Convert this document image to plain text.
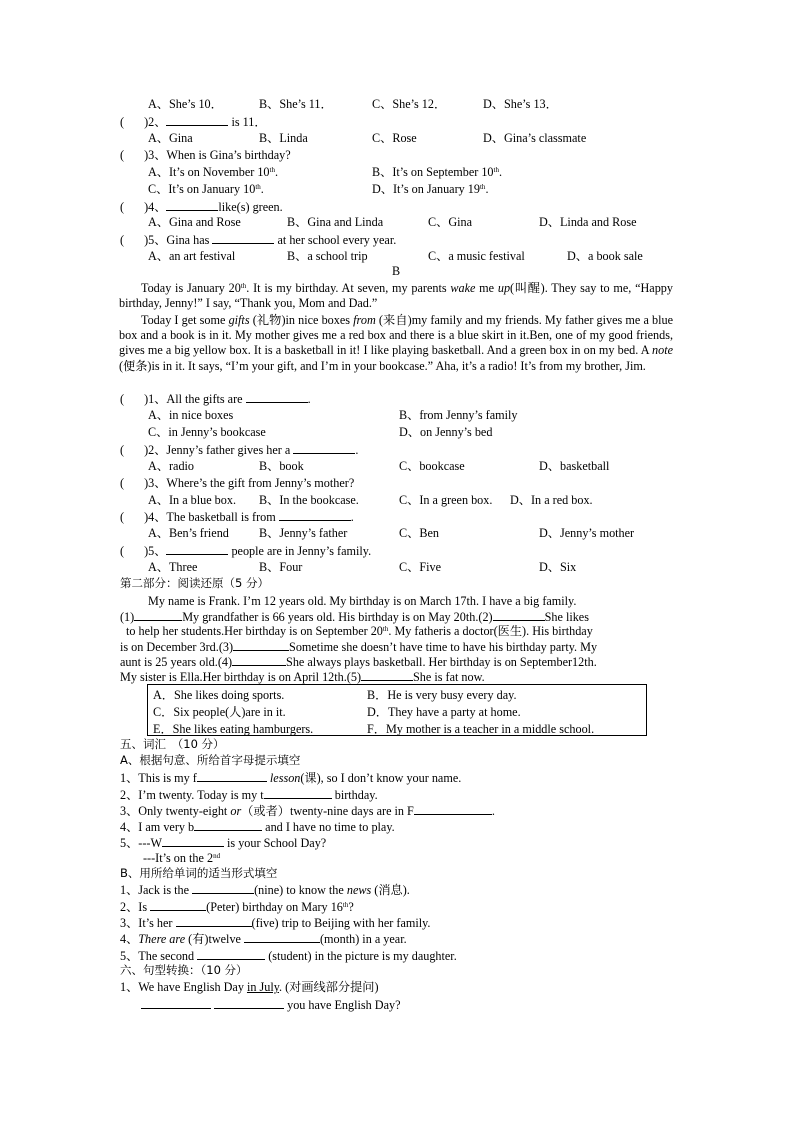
A、She’s 10．	B、She’s 11．	C、She’s 12．	D、She’s 13．
( )2、	is 11．
A、Gina	B、Linda	C、Rose	D、Gina’s classmate
( )3、When is Gina’s birthday?
A、It’s on November 10th.	B、It’s on September 10th.
C、It’s on January 10th.	D、It’s on January 19th.
( )4、	like(s) green.
A、Gina and Rose	B、Gina and Linda	C、Gina	D、Linda and Rose
( )5、Gina has	at her school every year.
A、an art festival	B、a school trip	C、a music festival	D、a book sale
B
Today is January 20th. It is my birthday. At seven, my parents wake me up(叫醒). They say to me, “Happy birthday, Jenny!” I say, “Thank you, Mom and Dad.”
Today I get some gifts (礼物)in nice boxes from (来自)my family and my friends. My father gives me a blue box and a book is in it. My mother gives me a red box and there is a blue skirt in it.Ben, one of my good friends, gives me a big yellow box. It is a basketball in it! I like playing basketball. And a green box in on my bed. A note (便条)is in it. It says, “I’m your gift, and I’m in your bookcase.” Aha, it’s a radio! It’s from my brother, Jim.
( )1、All the gifts are	.
A、in nice boxes	B、from Jenny’s family
C、in Jenny’s bookcase	D、on Jenny’s bed
( )2、Jenny’s father gives her a	.
A、radio	B、book	C、bookcase	D、basketball
( )3、Where’s the gift from Jenny’s mother?
A、In a blue box. B、In the bookcase.	C、In a green box. D、In a red box.
( )4、The basketball is from	.
A、Ben’s friend B、Jenny’s father	C、Ben	D、Jenny’s mother
( )5、	people are in Jenny’s family.
A、Three	B、Four	C、Five	D、Six
第二部分：阅读还原（5 分）
My name is Frank. I’m 12 years old. My birthday is on March 17th. I have a big family.
(1)	My grandfather is 66 years old. His birthday is on May 20th.(2)	She likes
to help her students.Her birthday is on September 20th. My fatheris a doctor(医生). His birthday
is on December 3rd.(3)	Sometime she doesn’t have time to have his birthday party. My
aunt is 25 years old.(4)	She always plays basketball. Her birthday is on September12th.
My sister is Ella.Her birthday is on April 12th.(5)	She is fat now.
A．She likes doing sports.	B．He is very busy every day.
C．Six people(人)are in it.	D．They have a party at home.
E．She likes eating hamburgers.	F．My mother is a teacher in a middle school.
五、词汇　（10 分）
A、根据句意、所给首字母提示填空
1、This is my f	lesson(课), so I don’t know your name.
2、I’m twenty. Today is my t	birthday.
3、Only twenty-eight or（或者）twenty-nine days are in F	.
4、I am very b	and I have no time to play.
5、---W	is your School Day?
---It’s on the 2nd
B、用所给单词的适当形式填空
1、Jack is the	(nine) to know the news (消息).
2、Is	(Peter) birthday on Mary 16th?
3、It’s her	(five) trip to Beijing with her family.
4、There are (有)twelve	(month) in a year.
5、The second	(student) in the picture is my daughter.
六、句型转换：（10 分）
1、We have English Day in July. (对画线部分提问)
you have English Day?
